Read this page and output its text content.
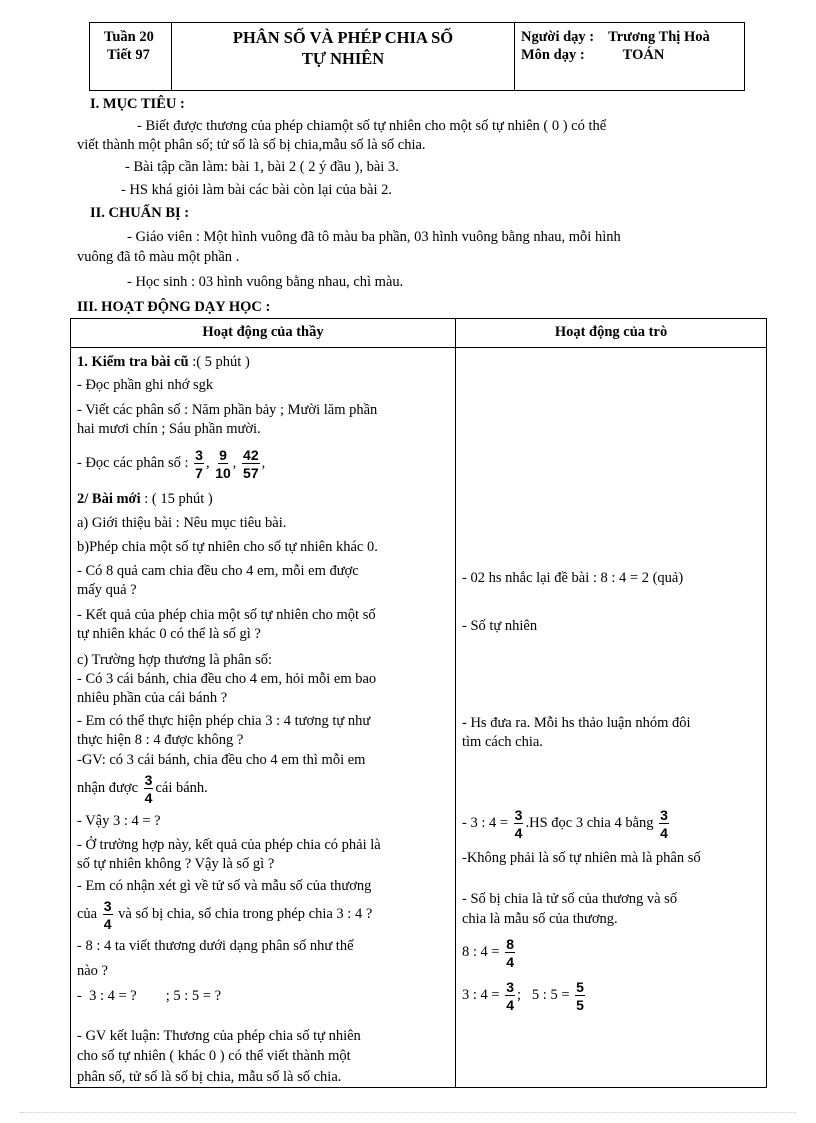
Tuần 20
Tiết 97
PHÂN SỐ VÀ PHÉP CHIA SỐ
TỰ NHIÊN
Người dạy : Trương Thị Hoà
Môn dạy :	TOÁN
I. MỤC TIÊU :
- Biết được thương của phép chiamột số tự nhiên cho một số tự nhiên ( 0 ) có thể
viết thành một phân số; tử số là số bị chia,mẫu số là số chia.
- Bài tập cần làm: bài 1, bài 2 ( 2 ý đầu ), bài 3.
- HS khá giỏi làm bài các bài còn lại của bài 2.
II. CHUẨN BỊ :
- Giáo viên : Một hình vuông đã tô màu ba phần, 03 hình vuông bằng nhau, mỗi hình
vuông đã tô màu một phần .
- Học sinh : 03 hình vuông bằng nhau, chì màu.
III. HOẠT ĐỘNG DẠY HỌC :
Hoạt động của thầy	Hoạt động của trò
1. Kiểm tra bài cũ :( 5 phút )
- Đọc phần ghi nhớ sgk
- Viết các phân số : Năm phần bảy ; Mười lăm phần
hai mươi chín ; Sáu phần mười.
- Đọc các phân số : $\frac{3}{7}$ , $\frac{9}{10}$ , $\frac{42}{57}$ ,
2/ Bài mới : ( 15 phút )
a) Giới thiệu bài : Nêu mục tiêu bài.
b)Phép chia một số tự nhiên cho số tự nhiên khác 0.
- Có 8 quả cam chia đều cho 4 em, mỗi em được
mấy quả ?
- Kết quả của phép chia một số tự nhiên cho một số
tự nhiên khác 0 có thể là số gì ?
c) Trường hợp thương là phân số:
- Có 3 cái bánh, chia đều cho 4 em, hỏi mỗi em bao
nhiêu phần của cái bánh ?
- Em có thể thực hiện phép chia 3 : 4 tương tự như
thực hiện 8 : 4 được không ?
-GV: có 3 cái bánh, chia đều cho 4 em thì mỗi em
nhận được $\frac{3}{4}$ cái bánh.
- Vậy 3 : 4 = ?
- Ở trường hợp này, kết quả của phép chia có phải là
số tự nhiên không ? Vậy là số gì ?
- Em có nhận xét gì về tử số và mẫu số của thương
của $\frac{3}{4}$ và số bị chia, số chia trong phép chia 3 : 4 ?
- 8 : 4 ta viết thương dưới dạng phân số như thế
nào ?
-  3 : 4 = ?        ; 5 : 5 = ?
- GV kết luận: Thương của phép chia số tự nhiên
cho số tự nhiên ( khác 0 ) có thể viết thành một
phân số, tử số là số bị chia, mẫu số là số chia.
- 02 hs nhắc lại đề bài : 8 : 4 = 2 (quả)
- Số tự nhiên
- Hs đưa ra. Mỗi hs thảo luận nhóm đôi
tìm cách chia.
- 3 : $4 = \frac{3}{4} .HS$ đọc 3 chia 4 bằng $\frac{3}{4}$
-Không phải là số tự nhiên mà là phân số
- Số bị chia là tử số của thương và số
chia là mẫu số của thương.
8 : $4 = \frac{8}{4}$
3 : $4 = \frac{3}{4}$ ;   5 : $5 = \frac{5}{5}$
